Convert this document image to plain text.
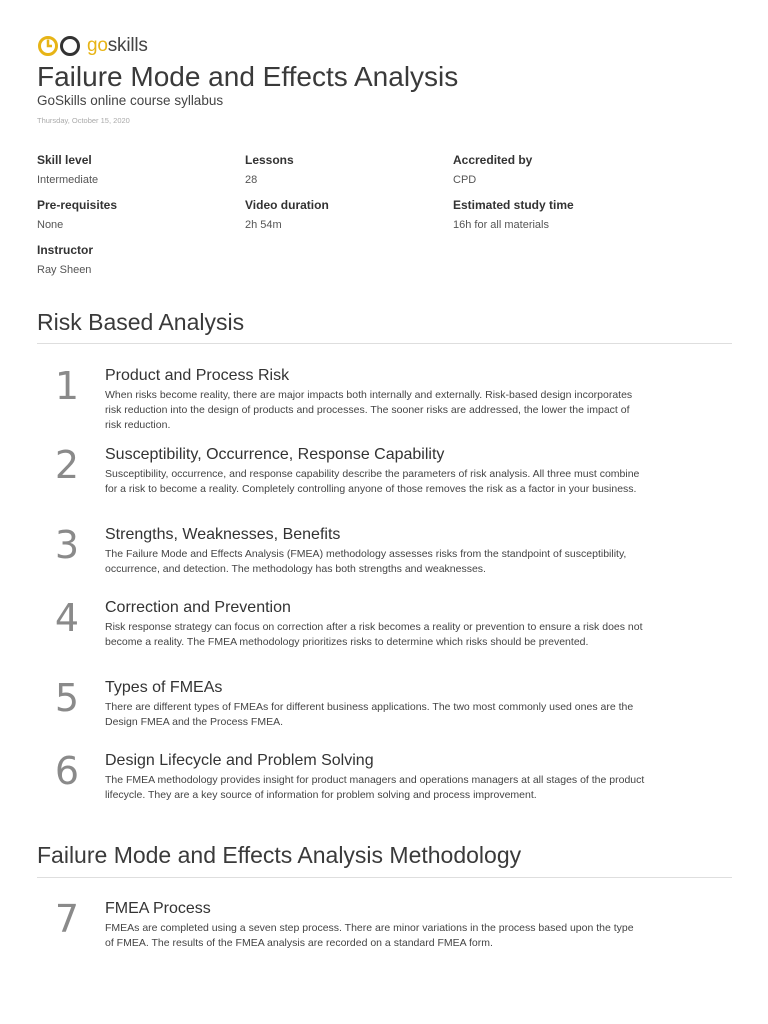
goskills
Failure Mode and Effects Analysis
GoSkills online course syllabus
Thursday, October 15, 2020
Skill level
Intermediate
Lessons
28
Accredited by
CPD
Pre-requisites
None
Video duration
2h 54m
Estimated study time
16h for all materials
Instructor
Ray Sheen
Risk Based Analysis
1	Product and Process Risk
When risks become reality, there are major impacts both internally and externally. Risk-based design incorporates risk reduction into the design of products and processes. The sooner risks are addressed, the lower the impact of risk reduction.
2	Susceptibility, Occurrence, Response Capability
Susceptibility, occurrence, and response capability describe the parameters of risk analysis. All three must combine for a risk to become a reality. Completely controlling anyone of those removes the risk as a factor in your business.
3	Strengths, Weaknesses, Benefits
The Failure Mode and Effects Analysis (FMEA) methodology assesses risks from the standpoint of susceptibility, occurrence, and detection. The methodology has both strengths and weaknesses.
4	Correction and Prevention
Risk response strategy can focus on correction after a risk becomes a reality or prevention to ensure a risk does not become a reality. The FMEA methodology prioritizes risks to determine which risks should be prevented.
5	Types of FMEAs
There are different types of FMEAs for different business applications. The two most commonly used ones are the Design FMEA and the Process FMEA.
6	Design Lifecycle and Problem Solving
The FMEA methodology provides insight for product managers and operations managers at all stages of the product lifecycle. They are a key source of information for problem solving and process improvement.
Failure Mode and Effects Analysis Methodology
7	FMEA Process
FMEAs are completed using a seven step process. There are minor variations in the process based upon the type of FMEA. The results of the FMEA analysis are recorded on a standard FMEA form.
